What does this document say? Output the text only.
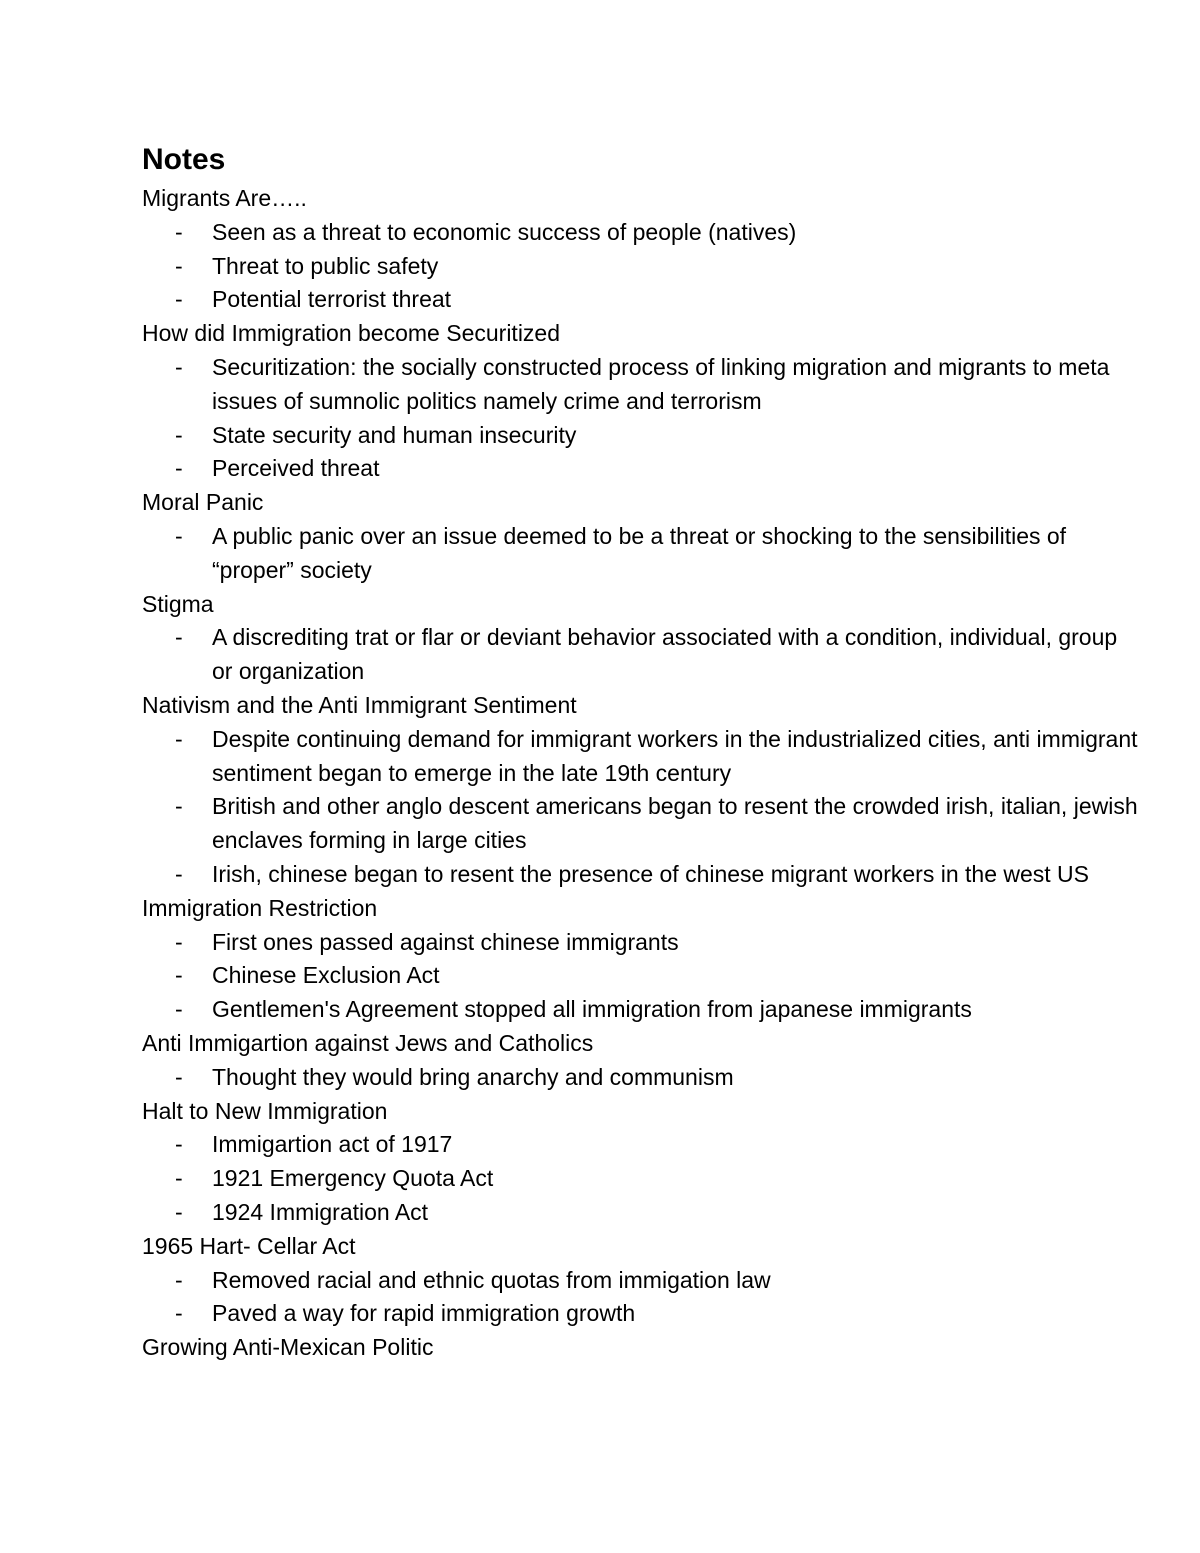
Notes

Migrants Are…..

- Seen as a threat to economic success of people (natives)
- Threat to public safety
- Potential terrorist threat

How did Immigration become Securitized

- Securitization: the socially constructed process of linking migration and migrants to meta issues of sumnolic politics namely crime and terrorism
- State security and human insecurity
- Perceived threat

Moral Panic

- A public panic over an issue deemed to be a threat or shocking to the sensibilities of “proper” society

Stigma

- A discrediting trat or flar or deviant behavior associated with a condition, individual, group or organization

Nativism and the Anti Immigrant Sentiment

- Despite continuing demand for immigrant workers in the industrialized cities, anti immigrant sentiment began to emerge in the late 19th century
- British and other anglo descent americans began to resent the crowded irish, italian, jewish enclaves forming in large cities
- Irish, chinese began to resent the presence of chinese migrant workers in the west US

Immigration Restriction

- First ones passed against chinese immigrants
- Chinese Exclusion Act
- Gentlemen's Agreement stopped all immigration from japanese immigrants

Anti Immigartion against Jews and Catholics

- Thought they would bring anarchy and communism

Halt to New Immigration

- Immigartion act of 1917
- 1921 Emergency Quota Act
- 1924 Immigration Act

1965 Hart- Cellar Act

- Removed racial and ethnic quotas from immigation law
- Paved a way for rapid immigration growth

Growing Anti-Mexican Politic
